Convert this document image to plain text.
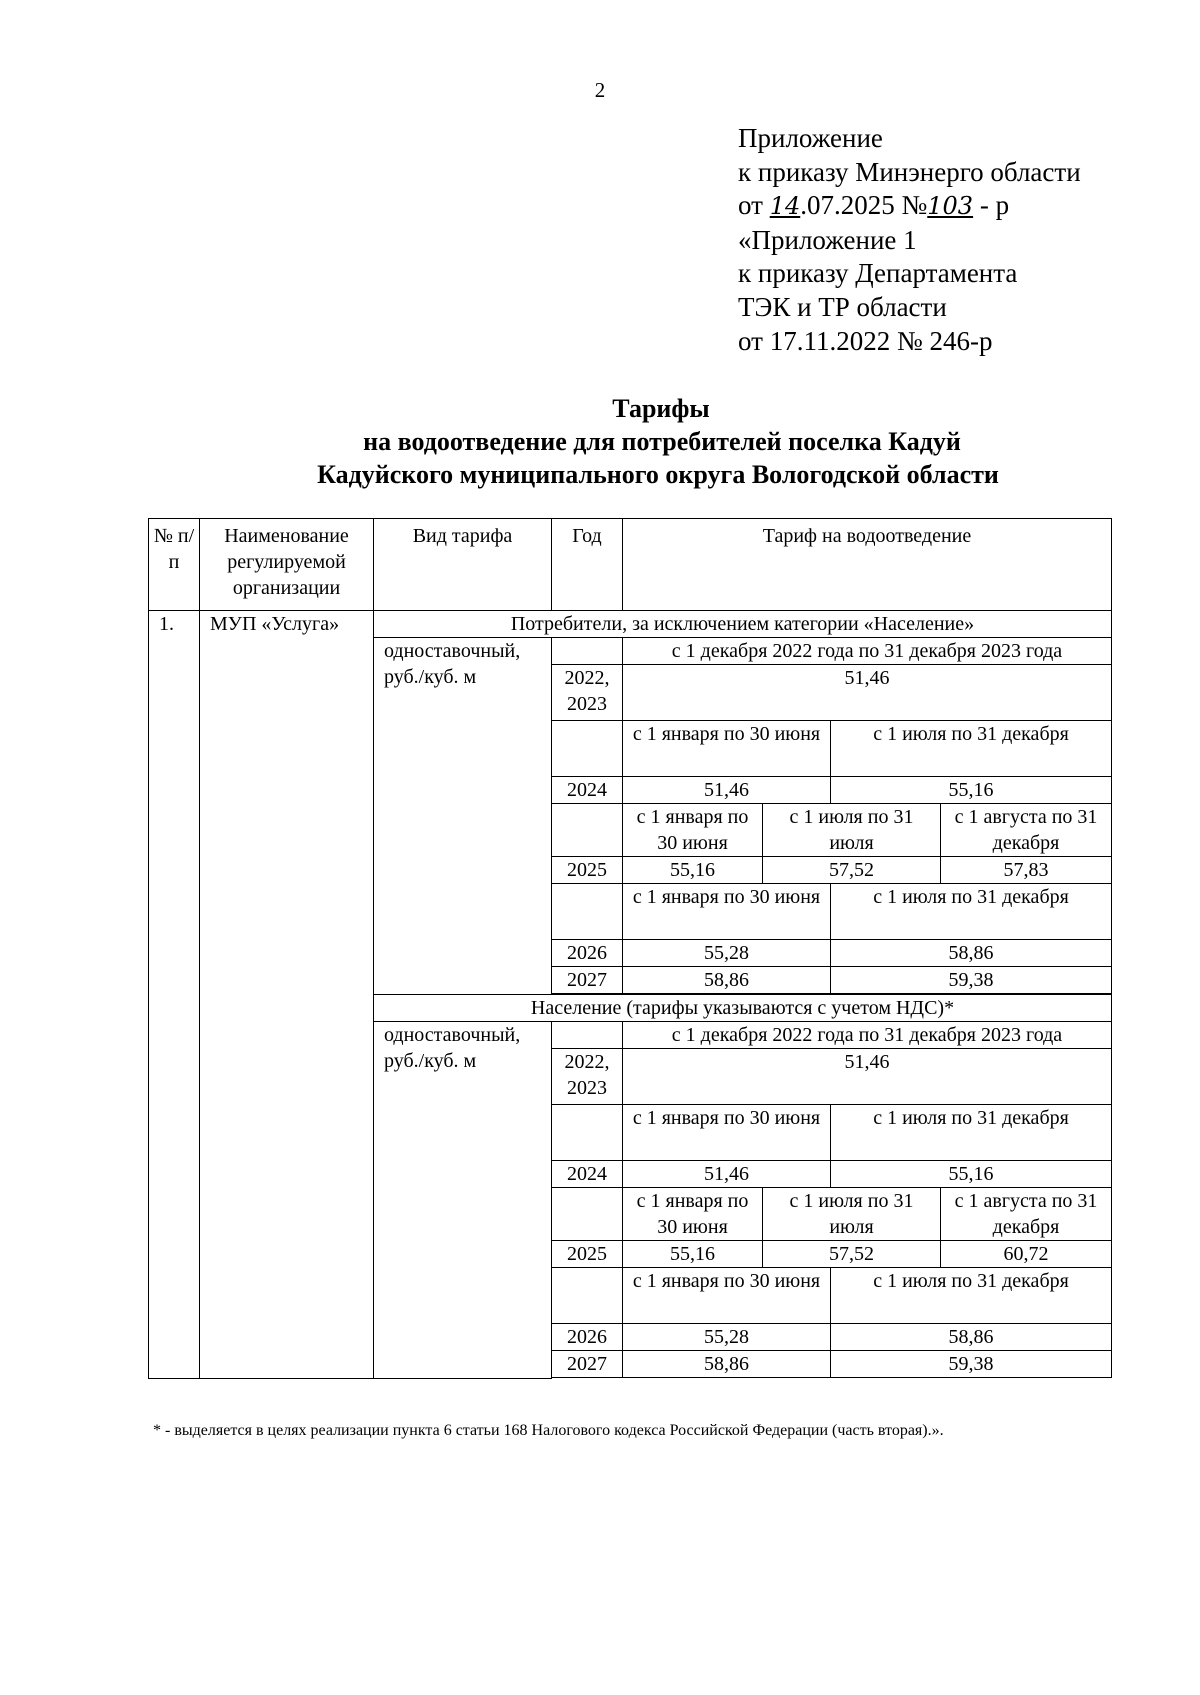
2
Приложение
к приказу Минэнерго области
от 14.07.2025 №103 - р
«Приложение 1
к приказу Департамента
ТЭК и ТР области
от 17.11.2022 № 246-р
Тарифы
на водоотведение для потребителей поселка Кадуй
Кадуйского муниципального округа Вологодской области
№ п/п	Наименование регулируемой организации	Вид тарифа	Год	Тариф на водоотведение			
1.	МУП «Услуга»	Потребители, за исключением категории «Население»					
		одноставочный, руб./куб. м		с 1 декабря 2022 года по 31 декабря 2023 года			
			2022, 2023	51,46			
				с 1 января по 30 июня		с 1 июля по 31 декабря	
			2024	51,46		55,16	
				с 1 января по 30 июня	с 1 июля по 31 июля		с 1 августа по 31 декабря
			2025	55,16	57,52		57,83
				с 1 января по 30 июня		с 1 июля по 31 декабря	
			2026	55,28		58,86	
			2027	58,86		59,38	

		Население (тарифы указываются с учетом НДС)*					
		одноставочный, руб./куб. м		с 1 декабря 2022 года по 31 декабря 2023 года			
			2022, 2023	51,46			
				с 1 января по 30 июня		с 1 июля по 31 декабря	
			2024	51,46		55,16	
				с 1 января по 30 июня	с 1 июля по 31 июля		с 1 августа по 31 декабря
			2025	55,16	57,52		60,72
				с 1 января по 30 июня		с 1 июля по 31 декабря	
			2026	55,28		58,86	
			2027	58,86		59,38	

* - выделяется в целях реализации пункта 6 статьи 168 Налогового кодекса Российской Федерации (часть вторая).».
